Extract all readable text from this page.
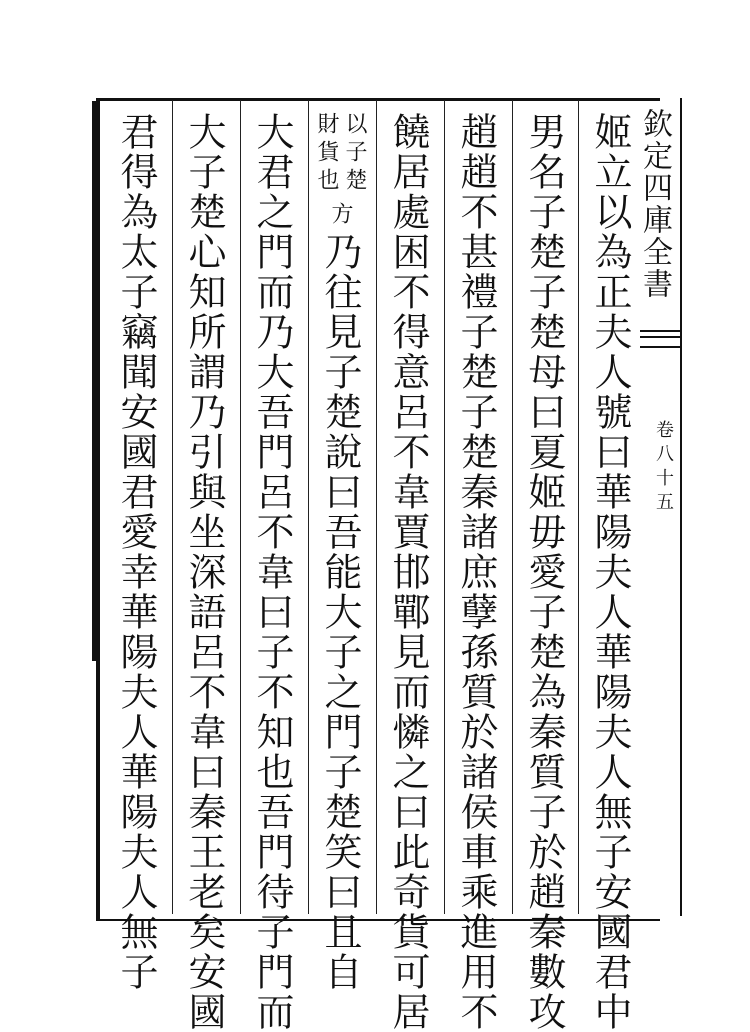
欽定四庫全書
卷八十五
姬立以為正夫人號曰華陽夫人華陽夫人無子安國君中
男名子楚子楚母曰夏姬毋愛子楚為秦質子於趙秦數攻
趙趙不甚禮子楚子楚秦諸庶孽孫質於諸侯車乘進用不
饒居處困不得意呂不韋賈邯鄲見而憐之曰此奇貨可居
以子楚
財貨也
方
乃往見子楚說曰吾能大子之門子楚笑曰且自
大君之門而乃大吾門呂不韋曰子不知也吾門待子門而
大子楚心知所謂乃引與坐深語呂不韋曰秦王老矣安國
君得為太子竊聞安國君愛幸華陽夫人華陽夫人無子
